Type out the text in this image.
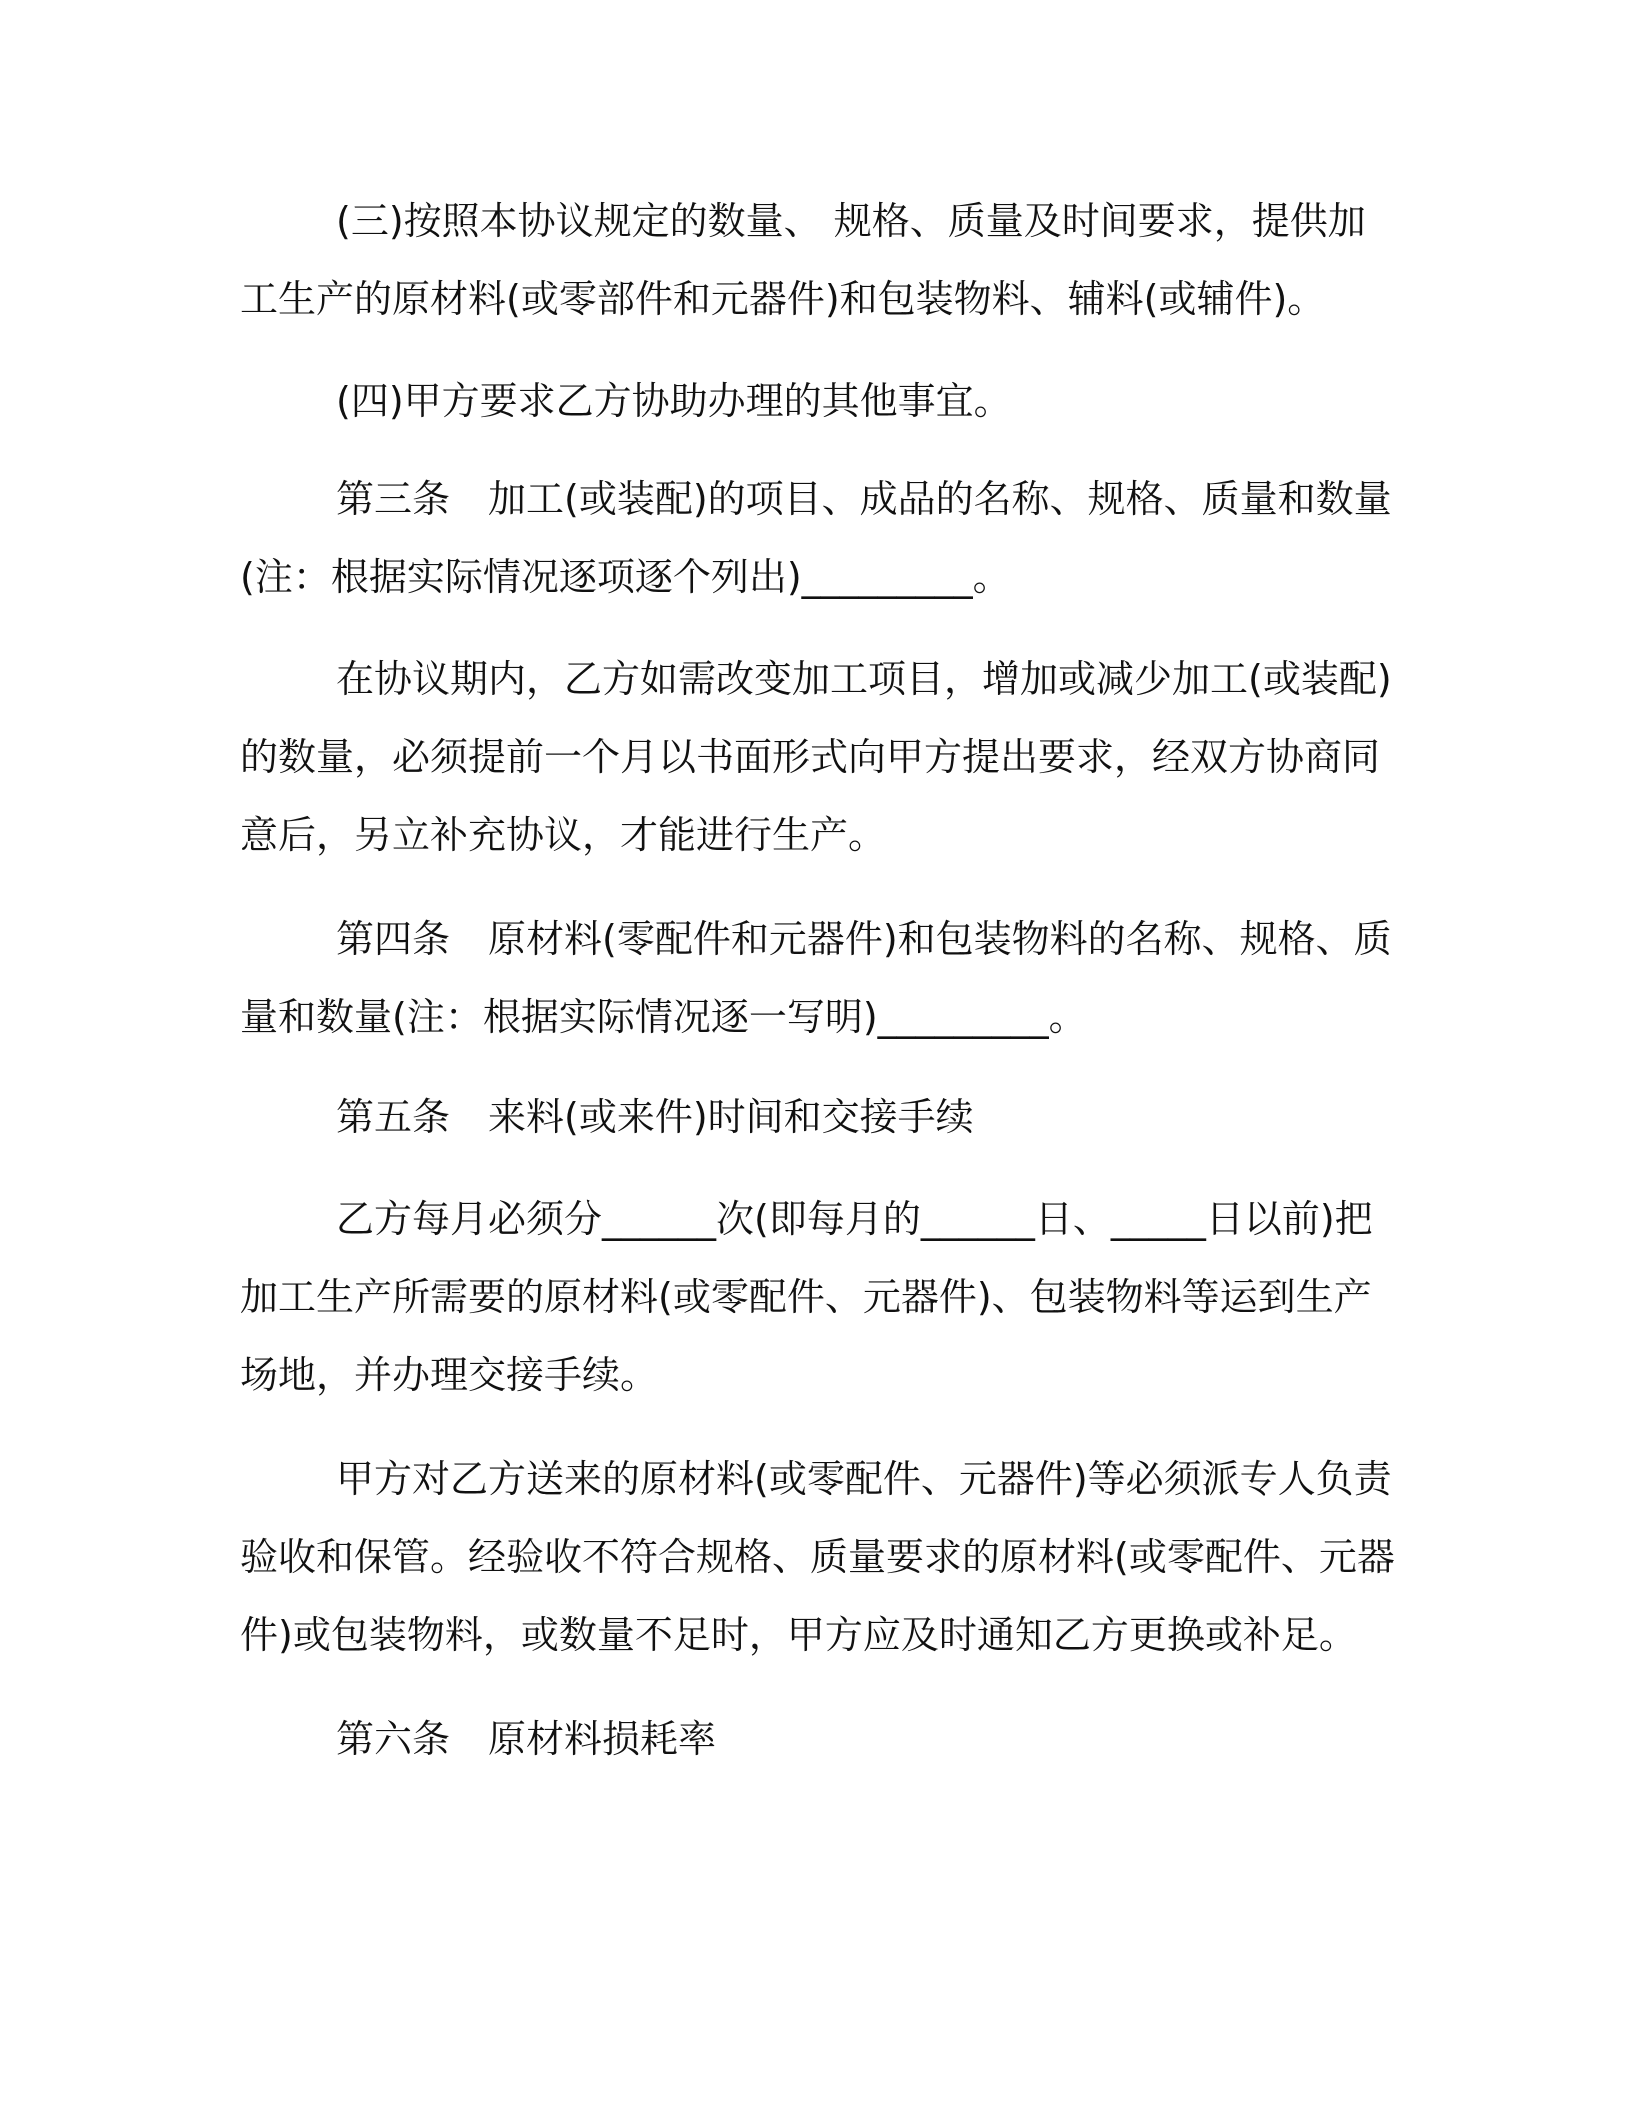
(三)按照本协议规定的数量、 规格、质量及时间要求，提供加工生产的原材料(或零部件和元器件)和包装物料、辅料(或辅件)。

(四)甲方要求乙方协助办理的其他事宜。

第三条　加工(或装配)的项目、成品的名称、规格、质量和数量(注：根据实际情况逐项逐个列出)_________。

在协议期内，乙方如需改变加工项目，增加或减少加工(或装配)的数量，必须提前一个月以书面形式向甲方提出要求，经双方协商同意后，另立补充协议，才能进行生产。

第四条　原材料(零配件和元器件)和包装物料的名称、规格、质量和数量(注：根据实际情况逐一写明)_________。

第五条　来料(或来件)时间和交接手续

乙方每月必须分______次(即每月的______日、_____日以前)把加工生产所需要的原材料(或零配件、元器件)、包装物料等运到生产场地，并办理交接手续。

甲方对乙方送来的原材料(或零配件、元器件)等必须派专人负责验收和保管。经验收不符合规格、质量要求的原材料(或零配件、元器件)或包装物料，或数量不足时，甲方应及时通知乙方更换或补足。

第六条　原材料损耗率
